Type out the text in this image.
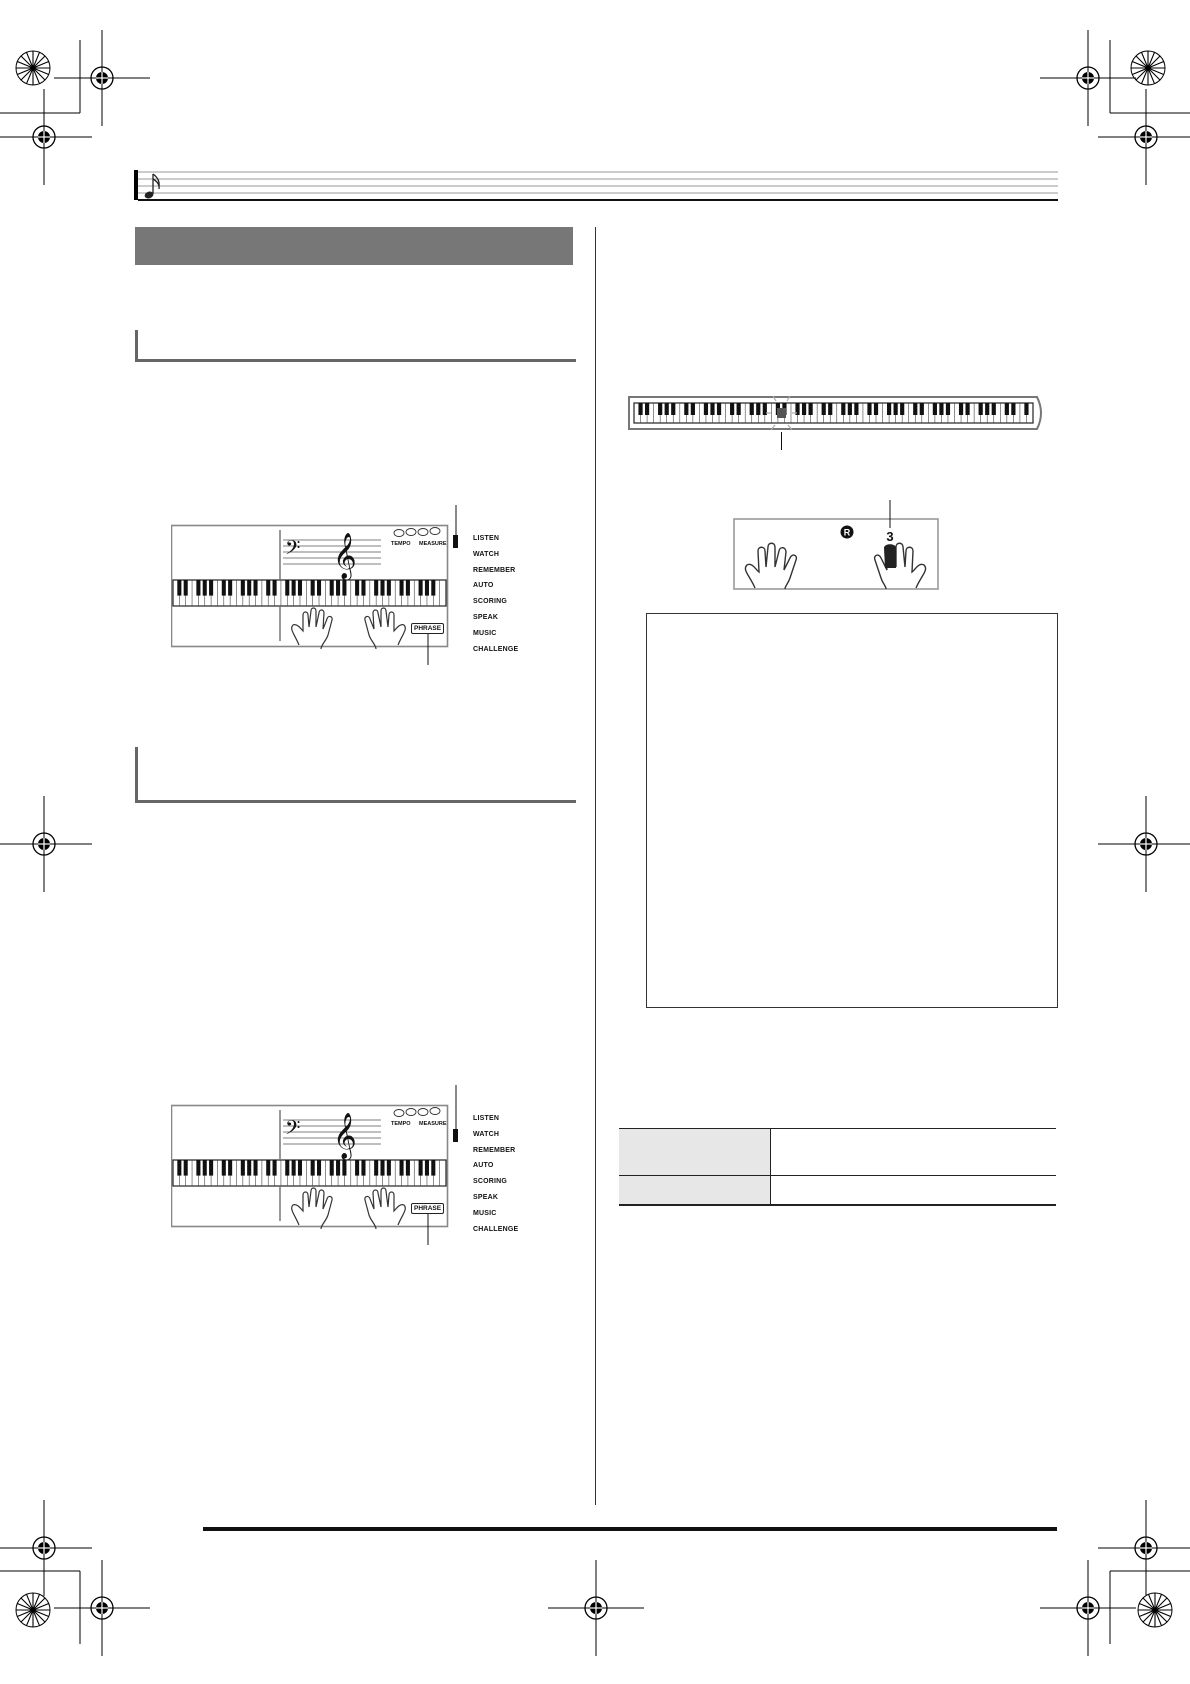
𝄢 𝄞	TEMPO MEASURE
PHRASE
LISTEN
WATCH
REMEMBER
AUTO
SCORING
SPEAK
MUSIC CHALLENGE
𝄢 𝄞	TEMPO MEASURE
PHRASE
LISTEN
WATCH
REMEMBER
AUTO
SCORING
SPEAK
MUSIC CHALLENGE
R	3
